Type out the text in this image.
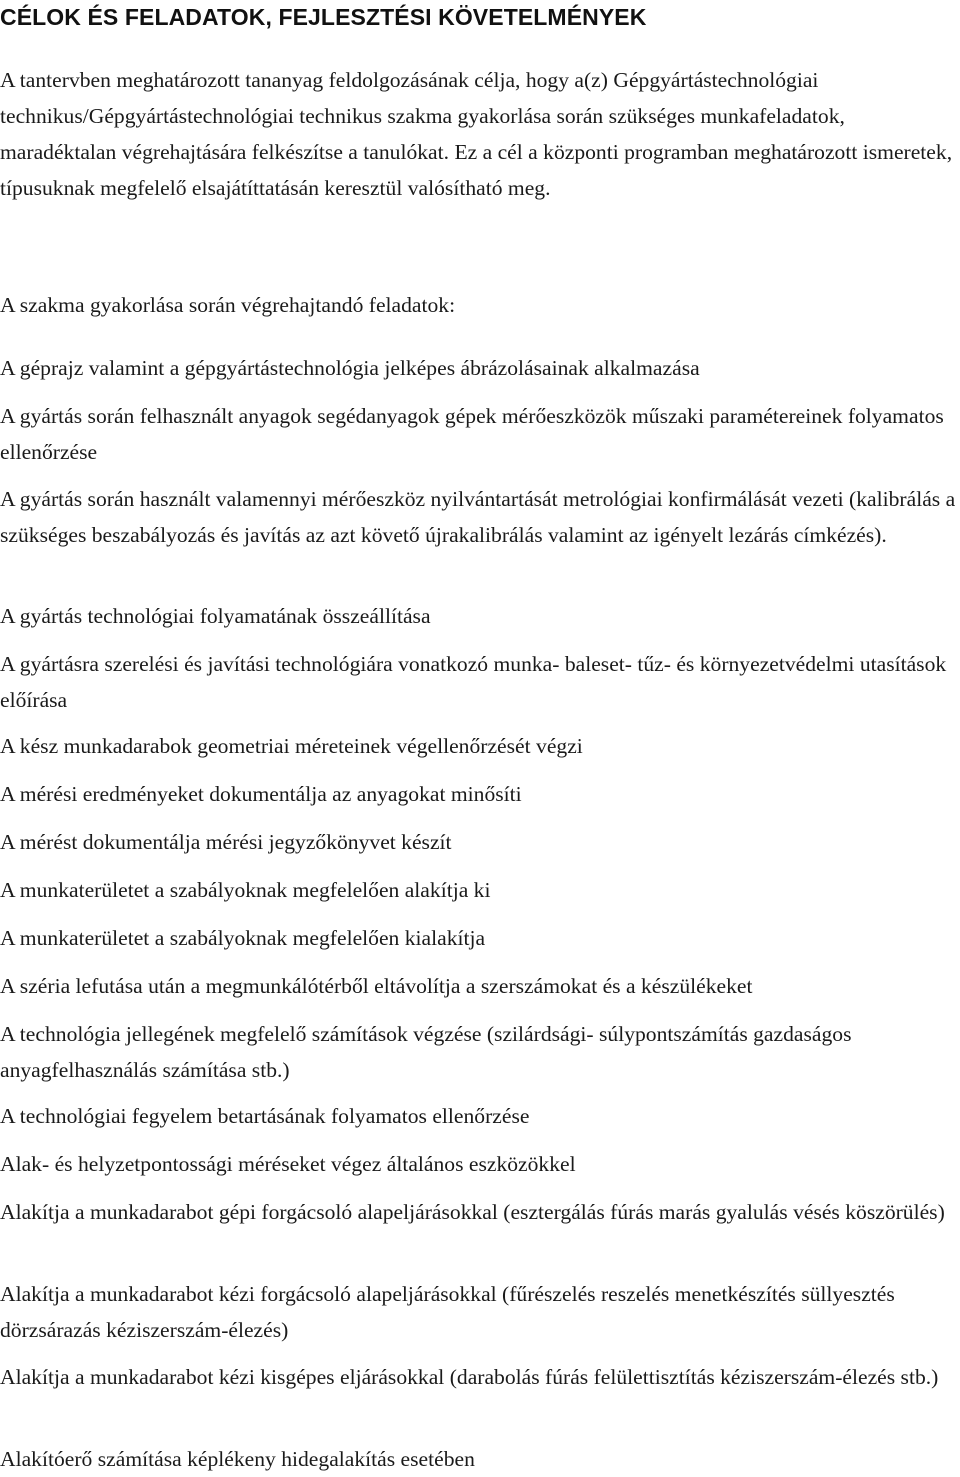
CÉLOK ÉS FELADATOK, FEJLESZTÉSI KÖVETELMÉNYEK

A tantervben meghatározott tananyag feldolgozásának célja, hogy a(z) Gépgyártástechnológiai technikus/Gépgyártástechnológiai technikus szakma gyakorlása során szükséges munkafeladatok, maradéktalan végrehajtására felkészítse a tanulókat. Ez a cél a központi programban meghatározott ismeretek, típusuknak megfelelő elsajátíttatásán keresztül valósítható meg.

A szakma gyakorlása során végrehajtandó feladatok:

A géprajz valamint a gépgyártástechnológia jelképes ábrázolásainak alkalmazása

A gyártás során felhasznált anyagok segédanyagok gépek mérőeszközök műszaki paramétereinek folyamatos ellenőrzése

A gyártás során használt valamennyi mérőeszköz nyilvántartását metrológiai konfirmálását vezeti (kalibrálás a szükséges beszabályozás és javítás az azt követő újrakalibrálás valamint az igényelt lezárás címkézés).

A gyártás technológiai folyamatának összeállítása

A gyártásra szerelési és javítási technológiára vonatkozó munka- baleset- tűz- és környezetvédelmi utasítások előírása

A kész munkadarabok geometriai méreteinek végellenőrzését végzi

A mérési eredményeket dokumentálja az anyagokat minősíti

A mérést dokumentálja mérési jegyzőkönyvet készít

A munkaterületet a szabályoknak megfelelően alakítja ki

A munkaterületet a szabályoknak megfelelően kialakítja

A széria lefutása után a megmunkálótérből eltávolítja a szerszámokat és a készülékeket

A technológia jellegének megfelelő számítások végzése (szilárdsági- súlypontszámítás gazdaságos anyagfelhasználás számítása stb.)

A technológiai fegyelem betartásának folyamatos ellenőrzése

Alak- és helyzetpontossági méréseket végez általános eszközökkel

Alakítja a munkadarabot gépi forgácsoló alapeljárásokkal (esztergálás fúrás marás gyalulás vésés köszörülés)

Alakítja a munkadarabot kézi forgácsoló alapeljárásokkal (fűrészelés reszelés menetkészítés süllyesztés dörzsárazás kéziszerszám-élezés)

Alakítja a munkadarabot kézi kisgépes eljárásokkal (darabolás fúrás felülettisztítás kéziszerszám-élezés stb.)

Alakítóerő számítása képlékeny hidegalakítás esetében
